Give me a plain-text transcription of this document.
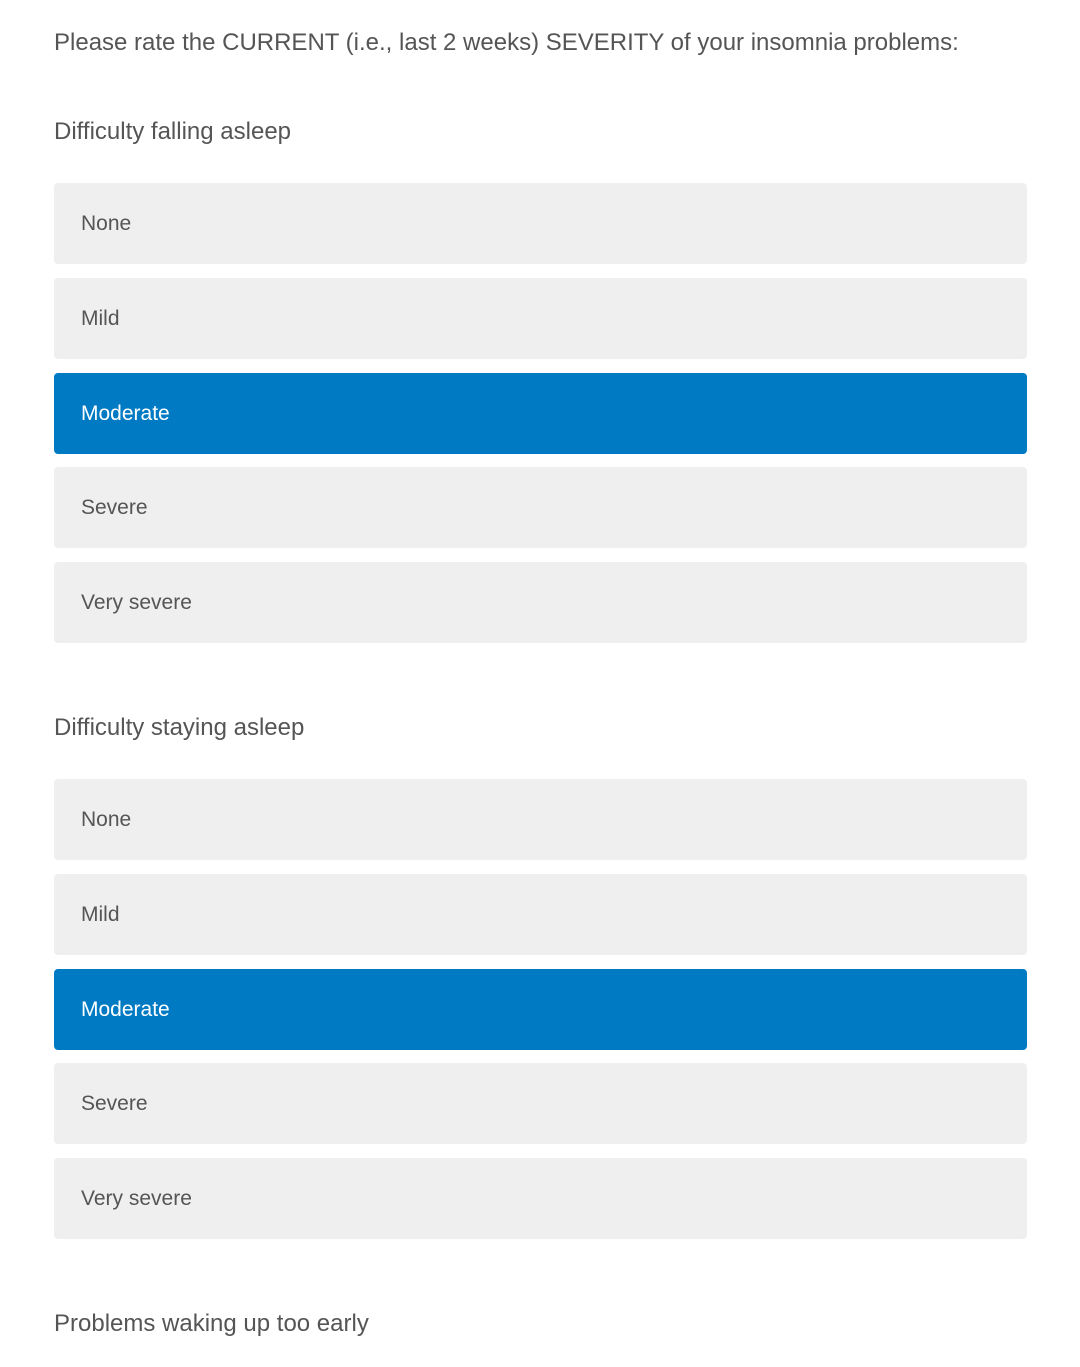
Please rate the CURRENT (i.e., last 2 weeks) SEVERITY of your insomnia problems:
Difficulty falling asleep
None
Mild
Moderate
Severe
Very severe
Difficulty staying asleep
None
Mild
Moderate
Severe
Very severe
Problems waking up too early
